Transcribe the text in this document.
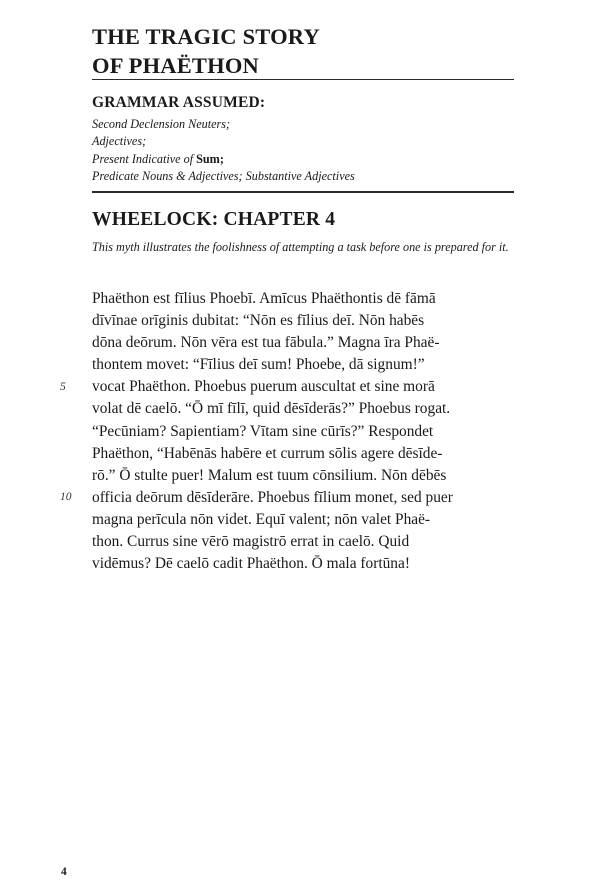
THE TRAGIC STORY
OF PHAËTHON
GRAMMAR ASSUMED:
Second Declension Neuters;
Adjectives;
Present Indicative of Sum;
Predicate Nouns & Adjectives; Substantive Adjectives
WHEELOCK: CHAPTER 4

This myth illustrates the foolishness of attempting a task before one is prepared for it.

Phaëthon est fīlius Phoebī. Amīcus Phaëthontis dē fāmā
dīvīnae orīginis dubitat: “Nōn es fīlius deī. Nōn habēs
dōna deōrum. Nōn vēra est tua fābula.” Magna īra Phaë-
thontem movet: “Fīlius deī sum! Phoebe, dā signum!”
vocat Phaëthon. Phoebus puerum auscultat et sine morā
volat dē caelō. “Ō mī fīlī, quid dēsīderās?” Phoebus rogat.
“Pecūniam? Sapientiam? Vītam sine cūrīs?” Respondet
Phaëthon, “Habēnās habēre et currum sōlis agere dēsīde-
rō.” Ō stulte puer! Malum est tuum cōnsilium. Nōn dēbēs
officia deōrum dēsīderāre. Phoebus fīlium monet, sed puer
magna perīcula nōn videt. Equī valent; nōn valet Phaë-
thon. Currus sine vērō magistrō errat in caelō. Quid
vidēmus? Dē caelō cadit Phaëthon. Ō mala fortūna!
5
10
4
